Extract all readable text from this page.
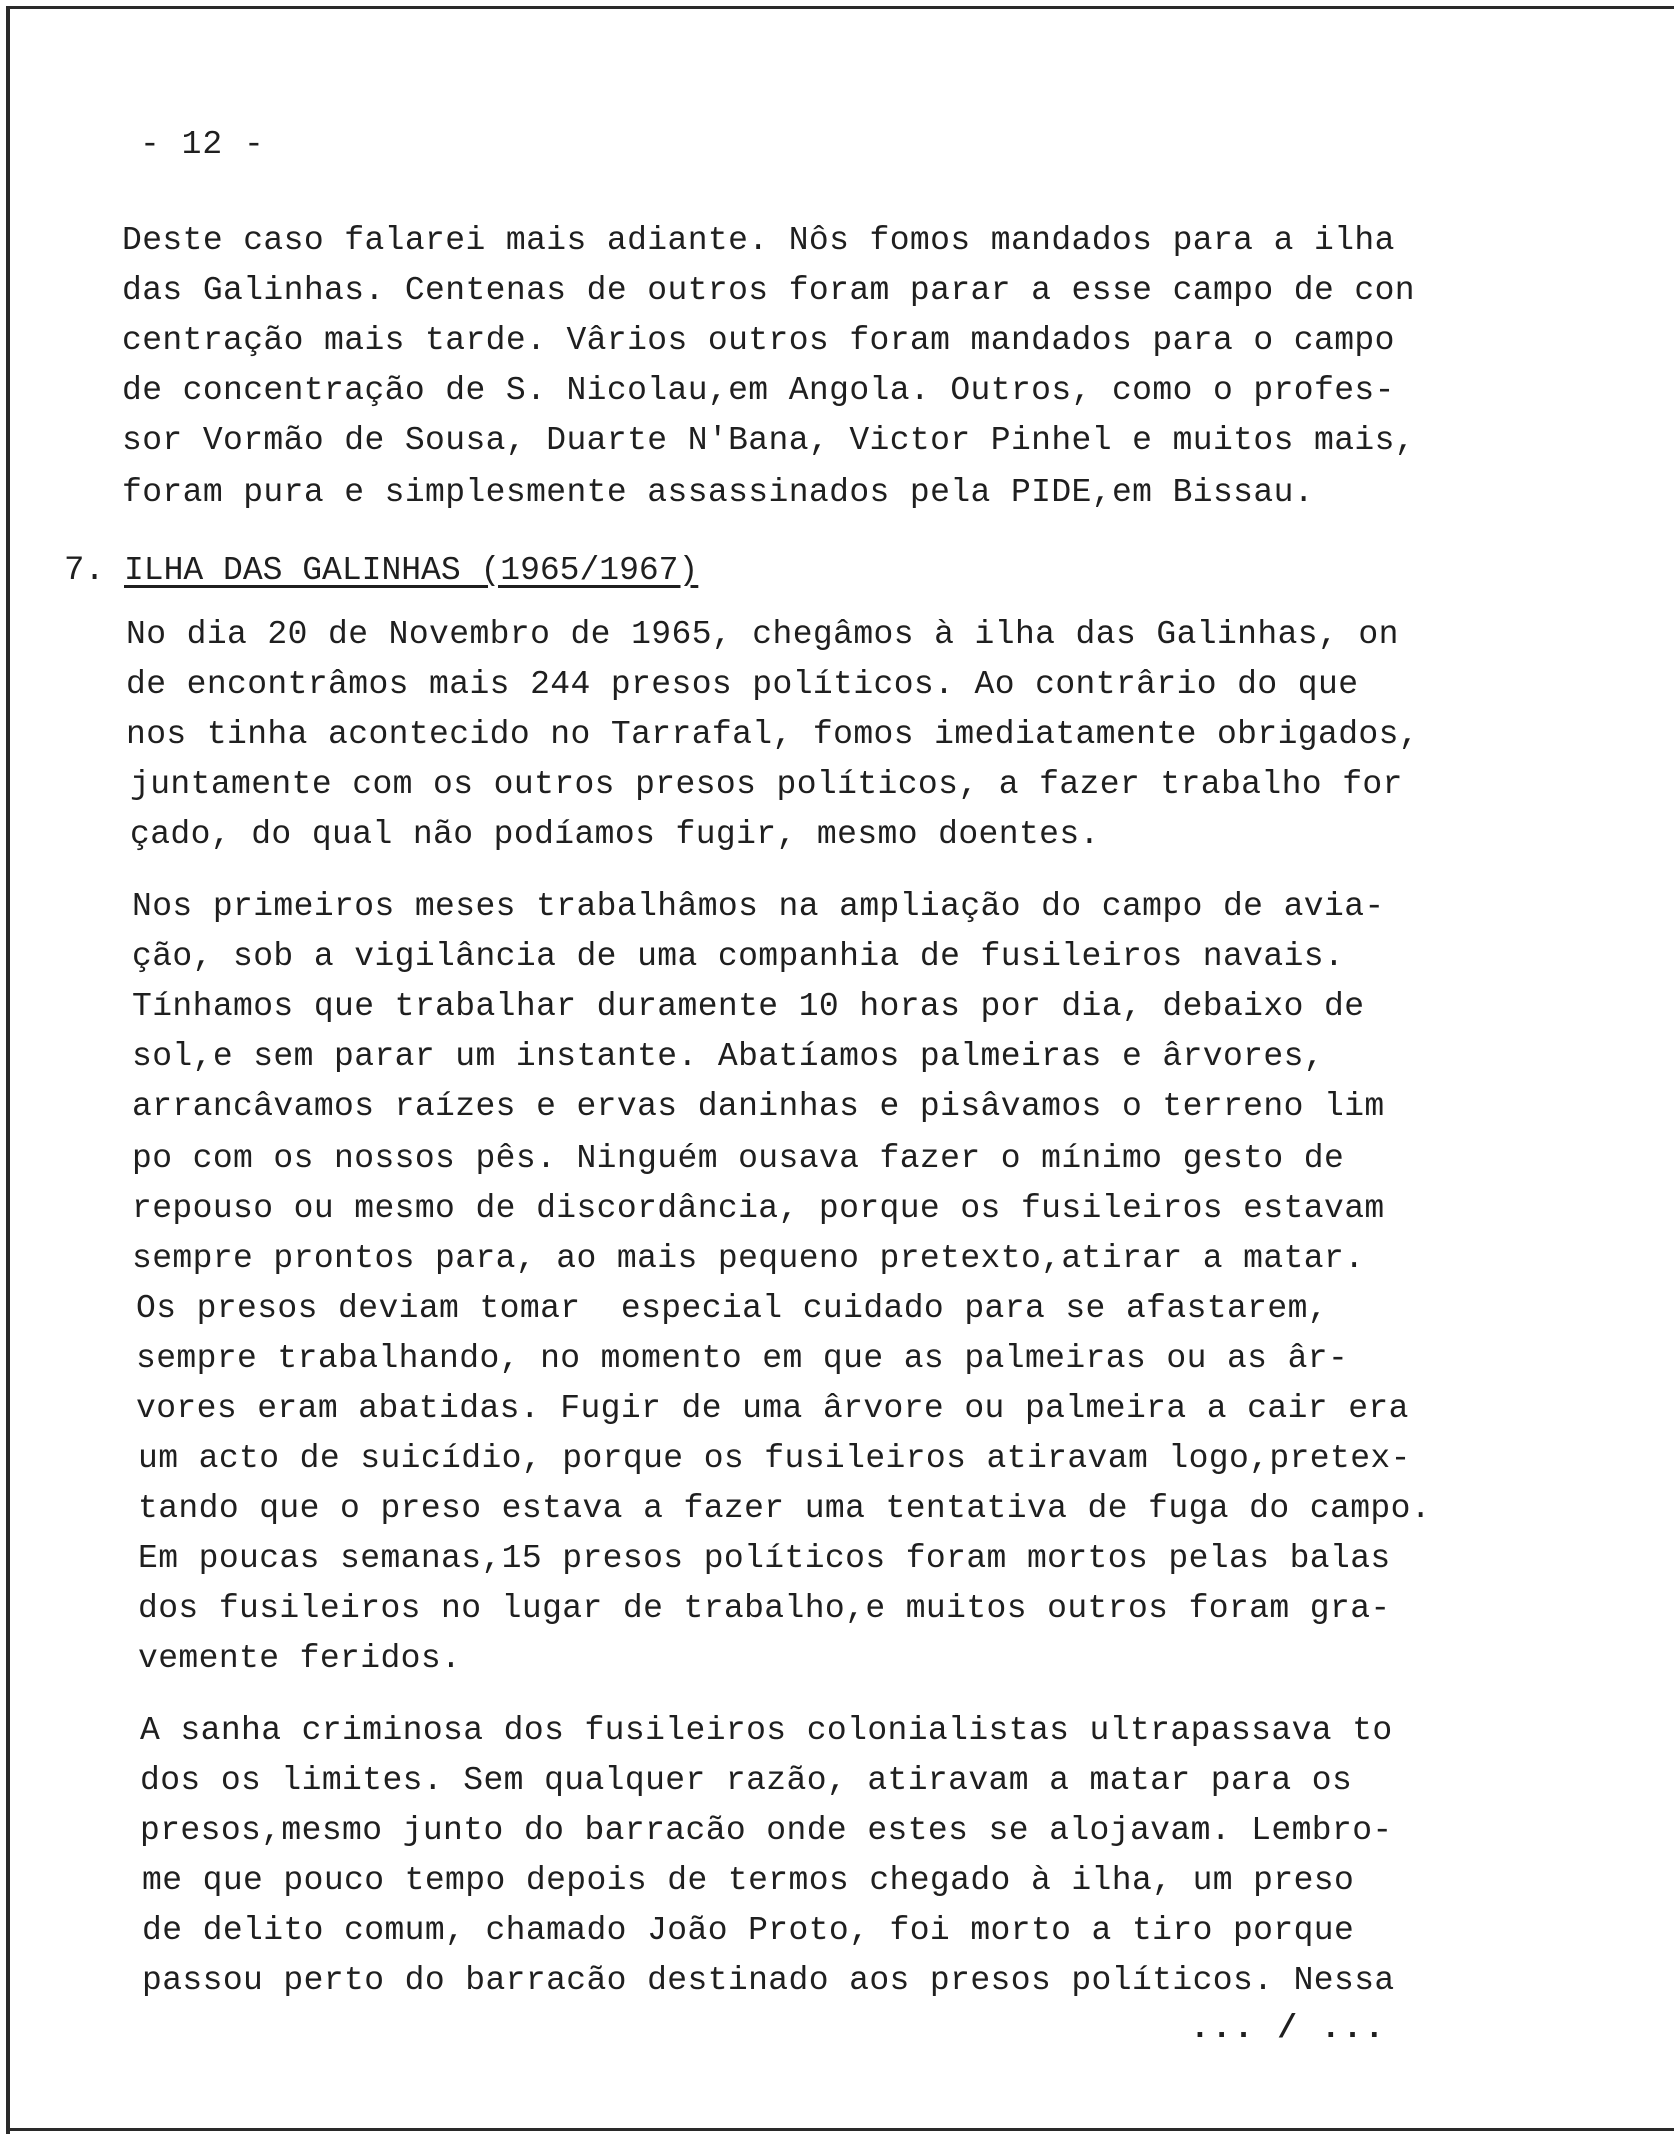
- 12 -
Deste caso falarei mais adiante. Nôs fomos mandados para a ilha
das Galinhas. Centenas de outros foram parar a esse campo de con
centração mais tarde. Vârios outros foram mandados para o campo
de concentração de S. Nicolau,em Angola. Outros, como o profes-
sor Vormão de Sousa, Duarte N'Bana, Victor Pinhel e muitos mais,
foram pura e simplesmente assassinados pela PIDE,em Bissau.
7. ILHA DAS GALINHAS (1965/1967)
No dia 20 de Novembro de 1965, chegâmos à ilha das Galinhas, on
de encontrâmos mais 244 presos políticos. Ao contrârio do que
nos tinha acontecido no Tarrafal, fomos imediatamente obrigados,
juntamente com os outros presos políticos, a fazer trabalho for
çado, do qual não podíamos fugir, mesmo doentes.
Nos primeiros meses trabalhâmos na ampliação do campo de avia-
ção, sob a vigilância de uma companhia de fusileiros navais.
Tínhamos que trabalhar duramente 10 horas por dia, debaixo de
sol,e sem parar um instante. Abatíamos palmeiras e ârvores,
arrancâvamos raízes e ervas daninhas e pisâvamos o terreno lim
po com os nossos pês. Ninguém ousava fazer o mínimo gesto de
repouso ou mesmo de discordância, porque os fusileiros estavam
sempre prontos para, ao mais pequeno pretexto,atirar a matar.
Os presos deviam tomar  especial cuidado para se afastarem,
sempre trabalhando, no momento em que as palmeiras ou as âr-
vores eram abatidas. Fugir de uma ârvore ou palmeira a cair era
um acto de suicídio, porque os fusileiros atiravam logo,pretex-
tando que o preso estava a fazer uma tentativa de fuga do campo.
Em poucas semanas,15 presos políticos foram mortos pelas balas
dos fusileiros no lugar de trabalho,e muitos outros foram gra-
vemente feridos.
A sanha criminosa dos fusileiros colonialistas ultrapassava to
dos os limites. Sem qualquer razão, atiravam a matar para os
presos,mesmo junto do barracão onde estes se alojavam. Lembro-
me que pouco tempo depois de termos chegado à ilha, um preso
de delito comum, chamado João Proto, foi morto a tiro porque
passou perto do barracão destinado aos presos políticos. Nessa
... / ...
